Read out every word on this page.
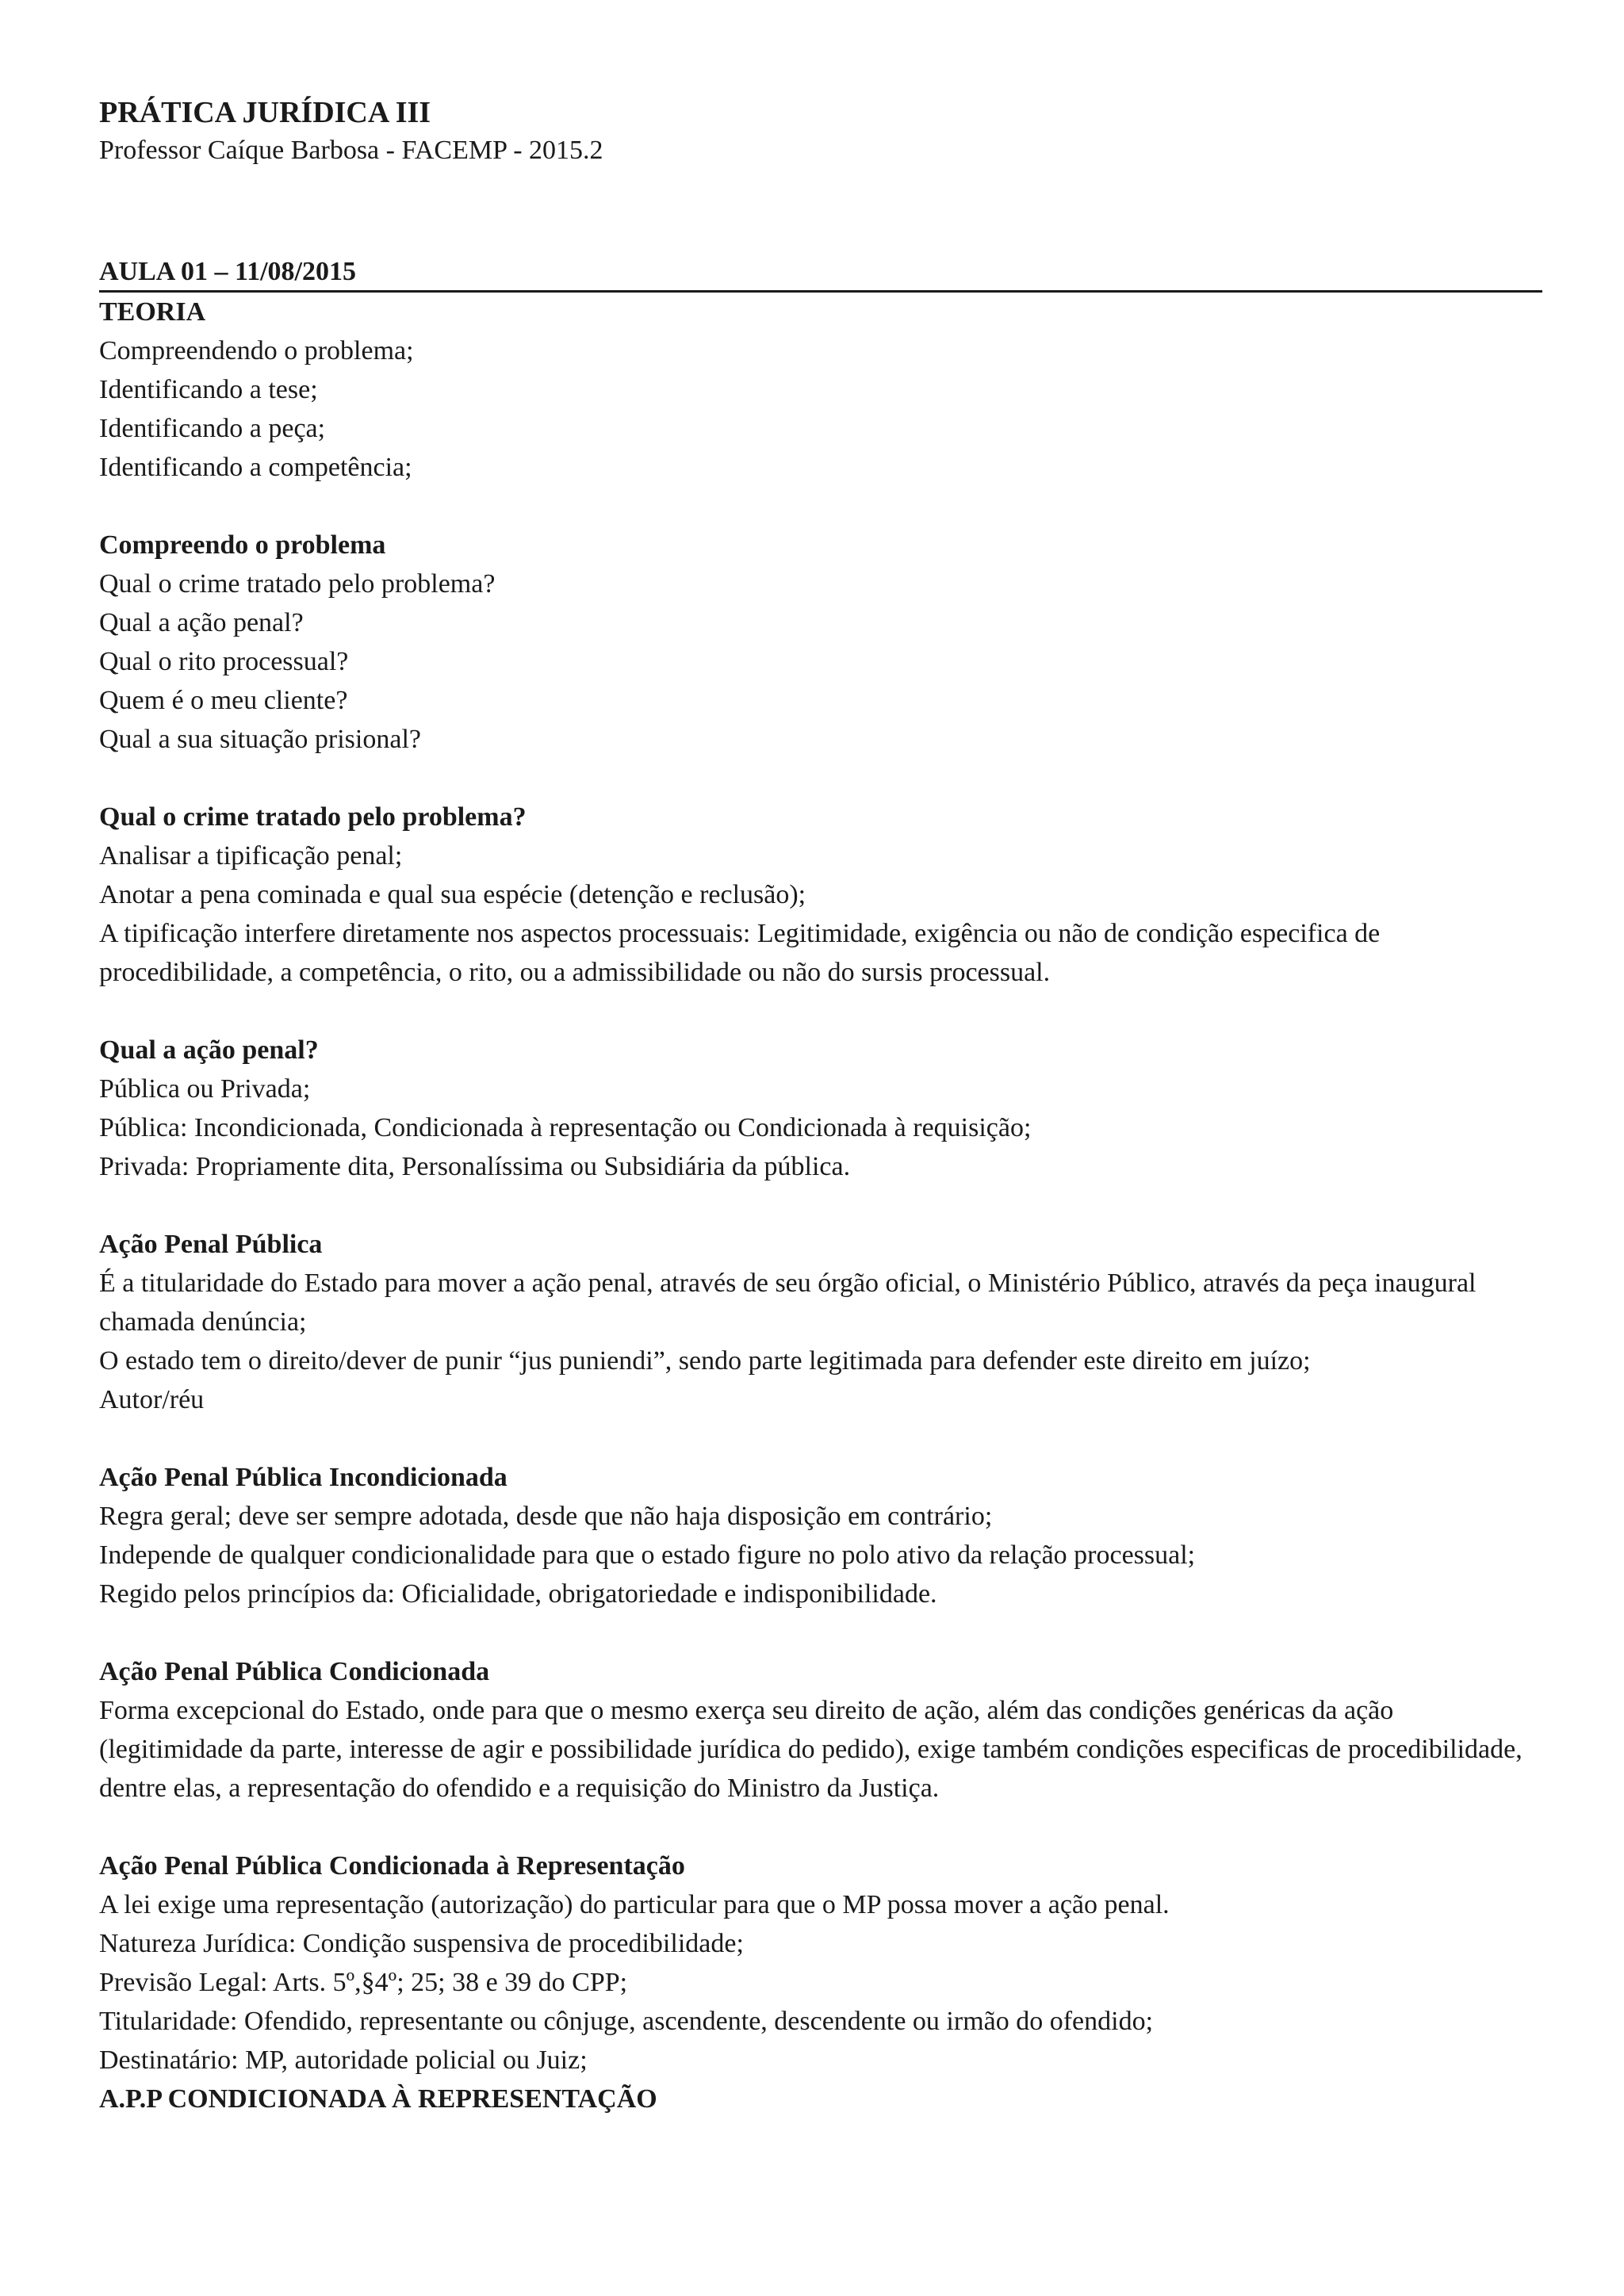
PRÁTICA JURÍDICA III

Professor Caíque Barbosa - FACEMP - 2015.2

AULA 01 – 11/08/2015

TEORIA

Compreendendo o problema;

Identificando a tese;

Identificando a peça;

Identificando a competência;

Compreendo o problema

Qual o crime tratado pelo problema?

Qual a ação penal?

Qual o rito processual?

Quem é o meu cliente?

Qual a sua situação prisional?

Qual o crime tratado pelo problema?

Analisar a tipificação penal;

Anotar a pena cominada e qual sua espécie (detenção e reclusão);

A tipificação interfere diretamente nos aspectos processuais: Legitimidade, exigência ou não de condição especifica de procedibilidade, a competência, o rito, ou a admissibilidade ou não do sursis processual.

Qual a ação penal?

Pública ou Privada;

Pública: Incondicionada, Condicionada à representação ou Condicionada à requisição;

Privada: Propriamente dita, Personalíssima ou Subsidiária da pública.

Ação Penal Pública

É a titularidade do Estado para mover a ação penal, através de seu órgão oficial, o Ministério Público, através da peça inaugural chamada denúncia;

O estado tem o direito/dever de punir “jus puniendi”, sendo parte legitimada para defender este direito em juízo;

Autor/réu

Ação Penal Pública Incondicionada

Regra geral; deve ser sempre adotada, desde que não haja disposição em contrário;

Independe de qualquer condicionalidade para que o estado figure no polo ativo da relação processual;

Regido pelos princípios da: Oficialidade, obrigatoriedade e indisponibilidade.

Ação Penal Pública Condicionada

Forma excepcional do Estado, onde para que o mesmo exerça seu direito de ação, além das condições genéricas da ação (legitimidade da parte, interesse de agir e possibilidade jurídica do pedido), exige também condições especificas de procedibilidade, dentre elas, a representação do ofendido e a requisição do Ministro da Justiça.

Ação Penal Pública Condicionada à Representação

A lei exige uma representação (autorização) do particular para que o MP possa mover a ação penal.

Natureza Jurídica: Condição suspensiva de procedibilidade;

Previsão Legal: Arts. 5º,§4º; 25; 38 e 39 do CPP;

Titularidade: Ofendido, representante ou cônjuge, ascendente, descendente ou irmão do ofendido;

Destinatário: MP, autoridade policial ou Juiz;

A.P.P CONDICIONADA À REPRESENTAÇÃO
